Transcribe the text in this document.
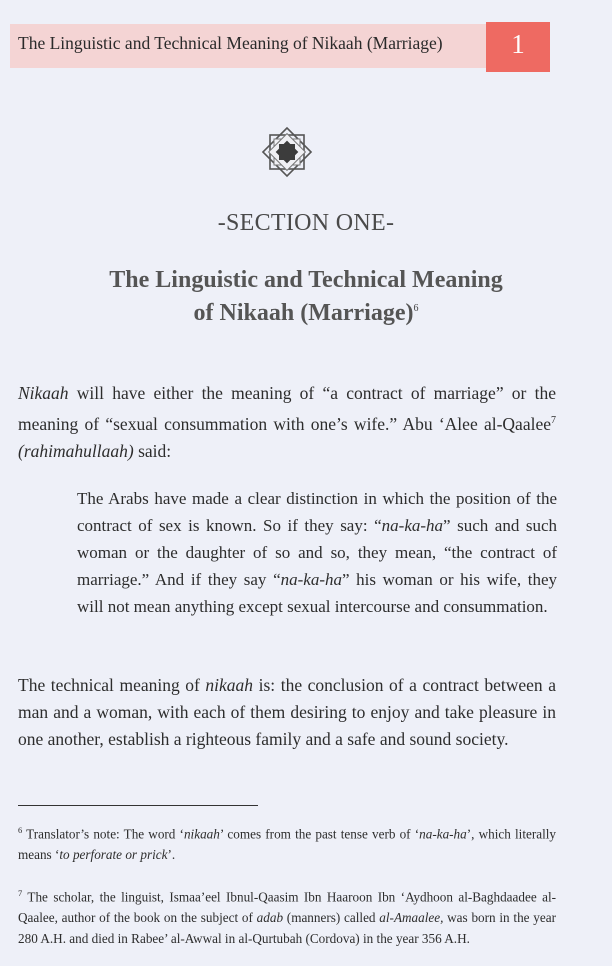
The Linguistic and Technical Meaning of Nikaah (Marriage)	1
-SECTION ONE-
The Linguistic and Technical Meaning
of Nikaah (Marriage)$^6$
Nikaah will have either the meaning of “a contract of marriage” or the meaning of “sexual consummation with one’s wife.” Abu ‘Alee al-Qaalee$^7$ (rahimahullaah) said:
The Arabs have made a clear distinction in which the position of the contract of sex is known. So if they say: “na-ka-ha” such and such woman or the daughter of so and so, they mean, “the contract of marriage.” And if they say “na-ka-ha” his woman or his wife, they will not mean anything except sexual intercourse and consummation.
The technical meaning of nikaah is: the conclusion of a contract between a man and a woman, with each of them desiring to enjoy and take pleasure in one another, establish a righteous family and a safe and sound society.
$^6$ Translator’s note: The word ‘nikaah’ comes from the past tense verb of ‘na-ka-ha’, which literally means ‘to perforate or prick’.
$^7$ The scholar, the linguist, Ismaa’eel Ibnul-Qaasim Ibn Haaroon Ibn ‘Aydhoon al-Baghdaadee al-Qaalee, author of the book on the subject of adab (manners) called al-Amaalee, was born in the year 280 A.H. and died in Rabee’ al-Awwal in al-Qurtubah (Cordova) in the year 356 A.H.
